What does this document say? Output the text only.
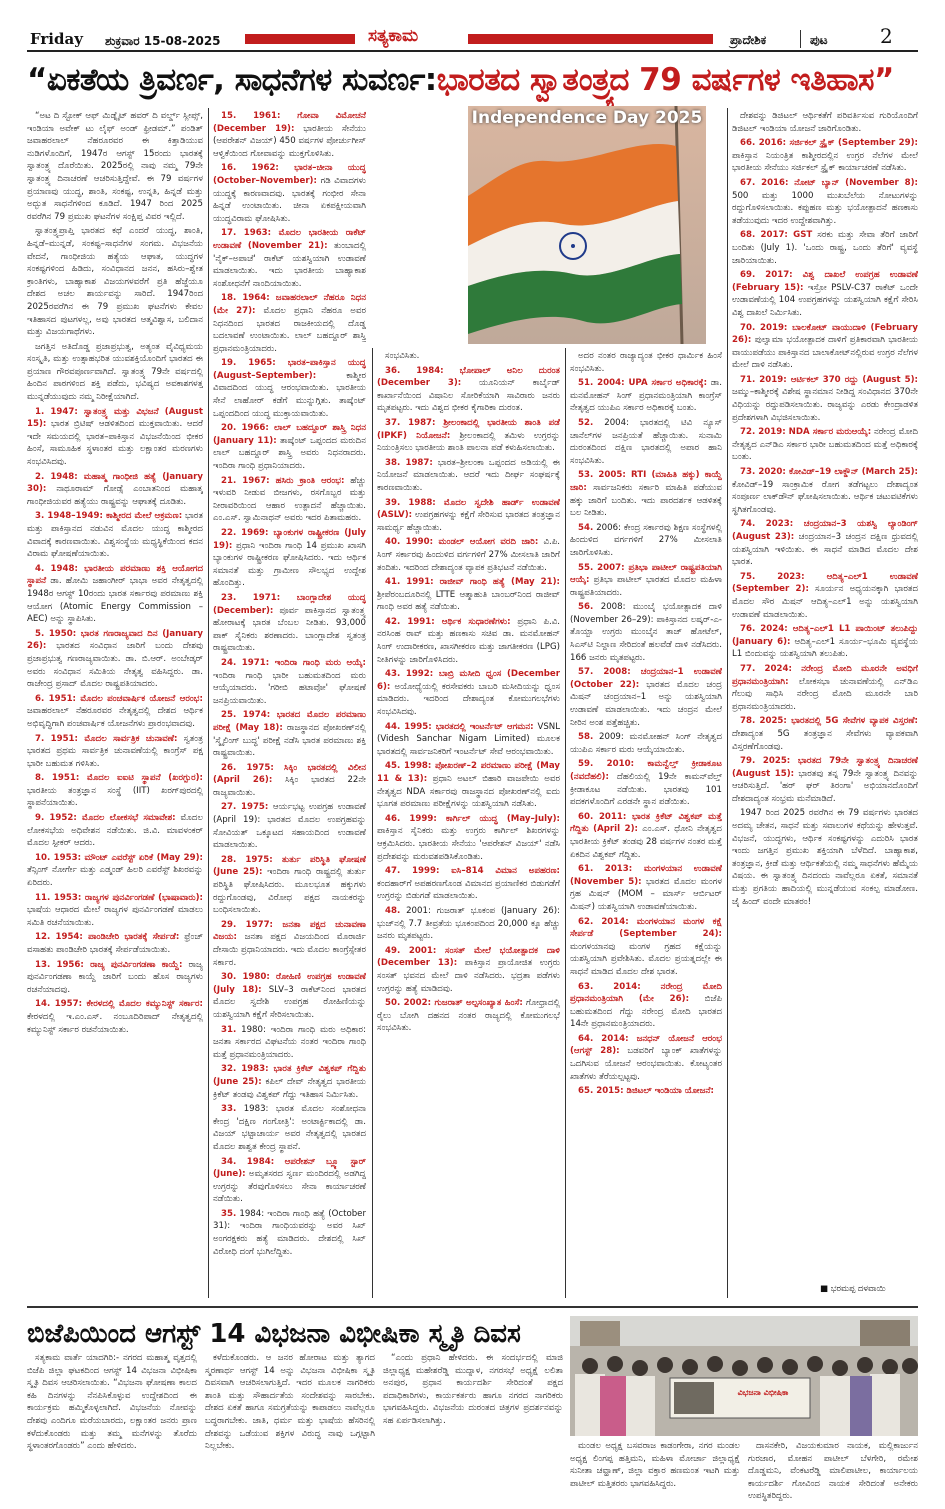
Friday ಶುಕ್ರವಾರ 15-08-2025	ಸತ್ಯಕಾಮ	ಪ್ರಾದೇಶಿಕ	ಪುಟ	2
“ಏಕತೆಯ ತ್ರಿವರ್ಣ, ಸಾಧನೆಗಳ ಸುವರ್ಣ:ಭಾರತದ ಸ್ವಾತಂತ್ರ್ಯದ 79 ವರ್ಷಗಳ ಇತಿಹಾಸ”
Independence Day 2025

“ಅಟ ದಿ ಸ್ಟೋಕ್ ಆಫ್ ಮಿಡ್ನೈಟ್ ಹವರ್ ದಿ ವರ್ಲ್ಡ್ ಸ್ಲೀಪ್ಸ್, ಇಂಡಿಯಾ ಅವೇಕ್ ಟು ಲೈಫ್ ಅಂಡ್ ಫ್ರೀಡಮ್.” ಪಂಡಿತ್ ಜವಾಹರಲಾಲ್ ನೆಹರೂರವರ ಈ ಕಿತ್ತಾಡಿಯುವ ನುಡಿಗಳೊಂದಿಗೆ, 1947ರ ಆಗಸ್ಟ್ 15ರಂದು ಭಾರತಕ್ಕೆ ಸ್ವಾತಂತ್ರ್ಯ ದೊರೆಯಿತು. 2025ರಲ್ಲಿ ನಾವು ನಮ್ಮ 79ನೇ ಸ್ವಾತಂತ್ರ್ಯ ದಿನಾಚರಣೆ ಆಚರಿಸುತ್ತಿದ್ದೇವೆ. ಈ 79 ವರ್ಷಗಳ ಪ್ರಯಾಣವು ಯುದ್ಧ, ಶಾಂತಿ, ಸಂಕಷ್ಟ, ಉನ್ನತಿ, ಹಿನ್ನಡೆ ಮತ್ತು ಅದ್ಭುತ ಸಾಧನೆಗಳಿಂದ ಕೂಡಿದೆ. 1947 ರಿಂದ 2025 ರವರೆಗಿನ 79 ಪ್ರಮುಖ ಘಟನೆಗಳ ಸಂಕ್ಷಿಪ್ತ ವಿವರ ಇಲ್ಲಿದೆ.

ಸ್ವಾತಂತ್ರ್ಯಪ್ರಾಪ್ತಿ ಭಾರತದ ಕಥೆ ಎಂದರೆ ಯುದ್ಧ, ಶಾಂತಿ, ಹಿನ್ನಡೆ–ಮುನ್ನಡೆ, ಸಂಕಷ್ಟ–ಸಾಧನೆಗಳ ಸಂಗಮ. ವಿಭಜನೆಯ ವೇದನೆ, ಗಾಂಧೀಜಿಯ ಹತ್ಯೆಯ ಆಘಾತ, ಯುದ್ಧಗಳ ಸಂಕಷ್ಟಗಳಿಂದ ಹಿಡಿದು, ಸಂವಿಧಾನದ ಜನನ, ಹಸಿರು–ಶ್ವೇತ ಕ್ರಾಂತಿಗಳು, ಬಾಹ್ಯಾಕಾಶ ವಿಜಯಗಳವರೆಗೆ ಪ್ರತಿ ಹೆಜ್ಜೆಯೂ ದೇಶದ ಅಚಲ ಶಾರ್ಯವನ್ನು ಸಾರಿದೆ. 1947ರಿಂದ 2025ರವರೆಗಿನ ಈ 79 ಪ್ರಮುಖ ಘಟನೆಗಳು ಕೇವಲ ಇತಿಹಾಸದ ಪುಟಗಳಲ್ಲ, ಅವು ಭಾರತದ ಆತ್ಮವಿಶ್ವಾಸ, ಬಲಿದಾನ ಮತ್ತು ವಿಜಯಗಾಥೆಗಳು.

ಜಗತ್ತಿನ ಅತಿದೊಡ್ಡ ಪ್ರಜಾಪ್ರಭುತ್ವ, ಅತ್ಯಂತ ವೈವಿಧ್ಯಮಯ ಸಂಸ್ಕೃತಿ, ಮತ್ತು ಉತ್ಸಾಹಭರಿತ ಯುವಶಕ್ತಿಯೊಂದಿಗೆ ಭಾರತದ ಈ ಪ್ರಯಾಣ ಗೌರವಪೂರ್ಣವಾಗಿದೆ. ಸ್ವಾತಂತ್ರ್ಯ 79ನೇ ವರ್ಷದಲ್ಲಿ ಹಿಂದಿನ ಪಾಠಗಳಿಂದ ಶಕ್ತಿ ಪಡೆದು, ಭವಿಷ್ಯದ ಅವಕಾಶಗಳತ್ತ ಮುನ್ನಡೆಯುವುದು ನಮ್ಮ ನಿರೀಕ್ಷೆಯಾಗಿದೆ.

1. 1947: ಸ್ವಾತಂತ್ರ್ಯ ಮತ್ತು ವಿಭಜನೆ (August 15): ಭಾರತ ಬ್ರಿಟಿಷ್ ಆಡಳಿತದಿಂದ ಮುಕ್ತವಾಯಿತು. ಆದರೆ ಇದೇ ಸಮಯದಲ್ಲಿ ಭಾರತ–ಪಾಕಿಸ್ತಾನ ವಿಭಜನೆಯಿಂದ ಭೀಕರ ಹಿಂಸೆ, ಸಾಮೂಹಿಕ ಸ್ಥಳಾಂತರ ಮತ್ತು ಲಕ್ಷಾಂತರ ಮರಣಗಳು ಸಂಭವಿಸಿದವು.

2. 1948: ಮಹಾತ್ಮ ಗಾಂಧೀಜಿ ಹತ್ಯೆ (January 30): ನಾಥೂರಾಮ್ ಗೋಡ್ಸೆ ಎಂಬಾತನಿಂದ ಮಹಾತ್ಮ ಗಾಂಧೀಜಿಯವರ ಹತ್ಯೆಯು ರಾಷ್ಟ್ರವನ್ನು ಆಘಾತಕ್ಕೆ ದೂಡಿತು.

3. 1948–1949: ಕಾಶ್ಮೀರದ ಮೇಲೆ ಆಕ್ರಮಣ: ಭಾರತ ಮತ್ತು ಪಾಕಿಸ್ತಾನದ ನಡುವಿನ ಮೊದಲ ಯುದ್ಧ ಕಾಶ್ಮೀರದ ವಿವಾದಕ್ಕೆ ಕಾರಣವಾಯಿತು. ವಿಶ್ವಸಂಸ್ಥೆಯ ಮಧ್ಯಸ್ಥಿಕೆಯಿಂದ ಕದನ ವಿರಾಮ ಘೋಷಣೆಯಾಯಿತು.

4. 1948: ಭಾರತೀಯ ಪರಮಾಣು ಶಕ್ತಿ ಆಯೋಗದ ಸ್ಥಾಪನೆ ಡಾ. ಹೋಮಿ ಜಹಾಂಗೀರ್ ಭಾಭಾ ಅವರ ನೇತೃತ್ವದಲ್ಲಿ 1948ರ ಆಗಸ್ಟ್ 10ರಂದು ಭಾರತ ಸರ್ಕಾರವು ಪರಮಾಣು ಶಕ್ತಿ ಆಯೋಗ (Atomic Energy Commission – AEC) ಅನ್ನು ಸ್ಥಾಪಿಸಿತು.

5. 1950: ಭಾರತ ಗಣರಾಜ್ಯವಾದ ದಿನ (January 26): ಭಾರತದ ಸಂವಿಧಾನ ಜಾರಿಗೆ ಬಂದು ದೇಶವು ಪ್ರಜಾಪ್ರಭುತ್ವ ಗಣರಾಜ್ಯವಾಯಿತು. ಡಾ. ಬಿ.ಆರ್. ಅಂಬೇಡ್ಕರ್ ಅವರು ಸಂವಿಧಾನ ಸಮಿತಿಯ ನೇತೃತ್ವ ವಹಿಸಿದ್ದರು. ಡಾ. ರಾಜೇಂದ್ರ ಪ್ರಸಾದ್ ಮೊದಲ ರಾಷ್ಟ್ರಪತಿಯಾದರು.

6. 1951: ಮೊದಲ ಪಂಚವಾರ್ಷಿಕ ಯೋಜನೆ ಆರಂಭ: ಜವಾಹರಲಾಲ್ ನೆಹರೂರವರ ನೇತೃತ್ವದಲ್ಲಿ ದೇಶದ ಆರ್ಥಿಕ ಅಭಿವೃದ್ಧಿಗಾಗಿ ಪಂಚವಾರ್ಷಿಕ ಯೋಜನೆಗಳು ಪ್ರಾರಂಭವಾದವು.

7. 1951: ಮೊದಲ ಸಾರ್ವತ್ರಿಕ ಚುನಾವಣೆ: ಸ್ವತಂತ್ರ ಭಾರತದ ಪ್ರಥಮ ಸಾರ್ವತ್ರಿಕ ಚುನಾವಣೆಯಲ್ಲಿ ಕಾಂಗ್ರೆಸ್ ಪಕ್ಷ ಭಾರೀ ಬಹುಮತ ಗಳಿಸಿತು.

8. 1951: ಮೊದಲ ಐಐಟಿ ಸ್ಥಾಪನೆ (ಖರಗ್ಪುರ): ಭಾರತೀಯ ತಂತ್ರಜ್ಞಾನ ಸಂಸ್ಥೆ (IIT) ಖರಗ್‌ಪುರದಲ್ಲಿ ಸ್ಥಾಪನೆಯಾಯಿತು.

9. 1952: ಮೊದಲ ಲೋಕಸಭೆ ಸಮಾವೇಶ: ಮೊದಲ ಲೋಕಸಭೆಯ ಅಧಿವೇಶನ ನಡೆಯಿತು. ಜಿ.ವಿ. ಮಾವಳಂಕರ್ ಮೊದಲ ಸ್ಪೀಕರ್ ಆದರು.

10. 1953: ಮೌಂಟ್ ಎವರೆಸ್ಟ್ ಏರಿಕೆ (May 29): ತೆನ್ಸಿಂಗ್ ನೋರ್ಗೇ ಮತ್ತು ಎಡ್ಮಂಡ್ ಹಿಲರಿ ಎವರೆಸ್ಟ್ ಶಿಖರವನ್ನು ಏರಿದರು.

11. 1953: ರಾಜ್ಯಗಳ ಪುನರ್ವಿಂಗಡಣೆ (ಭಾಷಾವಾರು): ಭಾಷೆಯ ಆಧಾರದ ಮೇಲೆ ರಾಜ್ಯಗಳ ಪುನರ್ವಿಂಗಡಣೆ ಮಾಡಲು ಸಮಿತಿ ರಚನೆಯಾಯಿತು.

12. 1954: ಪಾಂಡಿಚೇರಿ ಭಾರತಕ್ಕೆ ಸೇರ್ಪಡೆ: ಫ್ರೆಂಚ್ ವಸಾಹತು ಪಾಂಡಿಚೇರಿ ಭಾರತಕ್ಕೆ ಸೇರ್ಪಡೆಯಾಯಿತು.

13. 1956: ರಾಜ್ಯ ಪುನರ್ವಿಂಗಡಣಾ ಕಾಯ್ದೆ: ರಾಜ್ಯ ಪುನರ್ವಿಂಗಡಣಾ ಕಾಯ್ದೆ ಜಾರಿಗೆ ಬಂದು ಹೊಸ ರಾಜ್ಯಗಳು ರಚನೆಯಾದವು.

14. 1957: ಕೇರಳದಲ್ಲಿ ಮೊದಲ ಕಮ್ಯುನಿಸ್ಟ್ ಸರ್ಕಾರ: ಕೇರಳದಲ್ಲಿ ಇ.ಎಂ.ಎಸ್. ನಂಬೂದಿರಿಪಾದ್ ನೇತೃತ್ವದಲ್ಲಿ ಕಮ್ಯುನಿಸ್ಟ್ ಸರ್ಕಾರ ರಚನೆಯಾಯಿತು.

15. 1961: ಗೋವಾ ವಿಮೋಚನೆ (December 19): ಭಾರತೀಯ ಸೇನೆಯು (ಆಪರೇಶನ್ ವಿಜಯ್) 450 ವರ್ಷಗಳ ಪೋರ್ಚುಗೀಸ್ ಆಳ್ವಿಕೆಯಿಂದ ಗೋವಾವನ್ನು ಮುಕ್ತಗೊಳಿಸಿತು.

16. 1962: ಭಾರತ–ಚೀನಾ ಯುದ್ಧ (October–November): ಗಡಿ ವಿವಾದಗಳು ಯುದ್ಧಕ್ಕೆ ಕಾರಣವಾದವು. ಭಾರತಕ್ಕೆ ಗಂಭೀರ ಸೇನಾ ಹಿನ್ನಡೆ ಉಂಟಾಯಿತು. ಚೀನಾ ಏಕಪಕ್ಷೀಯವಾಗಿ ಯುದ್ಧವಿರಾಮ ಘೋಷಿಸಿತು.

17. 1963: ಮೊದಲ ಭಾರತೀಯ ರಾಕೆಟ್ ಉಡಾವಣೆ (November 21): ತುಂಬಾದಲ್ಲಿ 'ನೈಕ್–ಅಪಾಚೆ' ರಾಕೆಟ್ ಯಶಸ್ವಿಯಾಗಿ ಉಡಾವಣೆ ಮಾಡಲಾಯಿತು. ಇದು ಭಾರತೀಯ ಬಾಹ್ಯಾಕಾಶ ಸಂಶೋಧನೆಗೆ ನಾಂದಿಯಾಯಿತು.

18. 1964: ಜವಾಹರಲಾಲ್ ನೆಹರೂ ನಿಧನ (ಮೇ 27): ಮೊದಲ ಪ್ರಧಾನಿ ನೆಹರೂ ಅವರ ನಿಧನದಿಂದ ಭಾರತದ ರಾಜಕೀಯದಲ್ಲಿ ದೊಡ್ಡ ಬದಲಾವಣೆ ಉಂಟಾಯಿತು. ಲಾಲ್ ಬಹದ್ದೂರ್ ಶಾಸ್ತ್ರಿ ಪ್ರಧಾನಮಂತ್ರಿಯಾದರು.

19. 1965: ಭಾರತ–ಪಾಕಿಸ್ತಾನ ಯುದ್ಧ (August–September):	ಕಾಶ್ಮೀರ ವಿವಾದದಿಂದ ಯುದ್ಧ ಆರಂಭವಾಯಿತು. ಭಾರತೀಯ ಸೇನೆ ಲಾಹೋರ್ ಕಡೆಗೆ ಮುನ್ನುಗ್ಗಿತು. ತಾಷ್ಕೆಂಟ್ ಒಪ್ಪಂದದಿಂದ ಯುದ್ಧ ಮುಕ್ತಾಯವಾಯಿತು.

20. 1966: ಲಾಲ್ ಬಹದ್ದೂರ್ ಶಾಸ್ತ್ರಿ ನಿಧನ (January 11): ತಾಷ್ಕೆಂಟ್ ಒಪ್ಪಂದದ ಮರುದಿನ ಲಾಲ್ ಬಹದ್ದೂರ್ ಶಾಸ್ತ್ರಿ ಅವರು ನಿಧನರಾದರು. ಇಂದಿರಾ ಗಾಂಧಿ ಪ್ರಧಾನಿಯಾದರು.

21. 1967: ಹಸಿರು ಕ್ರಾಂತಿ ಆರಂಭ: ಹೆಚ್ಚು ಇಳುವರಿ ನೀಡುವ ಬೀಜಗಳು, ರಸಗೊಬ್ಬರ ಮತ್ತು ನೀರಾವರಿಯಿಂದ ಆಹಾರ ಉತ್ಪಾದನೆ ಹೆಚ್ಚಾಯಿತು. ಎಂ.ಎಸ್. ಸ್ವಾಮಿನಾಥನ್ ಅವರು ಇದರ ಪಿತಾಮಹರು.

22. 1969: ಬ್ಯಾಂಕುಗಳ ರಾಷ್ಟ್ರೀಕರಣ (July 19): ಪ್ರಧಾನಿ ಇಂದಿರಾ ಗಾಂಧಿ 14 ಪ್ರಮುಖ ಖಾಸಗಿ ಬ್ಯಾಂಕುಗಳ ರಾಷ್ಟ್ರೀಕರಣ ಘೋಷಿಸಿದರು. ಇದು ಆರ್ಥಿಕ ಸಮಾನತೆ ಮತ್ತು ಗ್ರಾಮೀಣ ಸೌಲಭ್ಯದ ಉದ್ದೇಶ ಹೊಂದಿತ್ತು.

23. 1971: ಬಾಂಗ್ಲಾದೇಶ ಯುದ್ಧ (December): ಪೂರ್ವ ಪಾಕಿಸ್ತಾನದ ಸ್ವಾತಂತ್ರ್ಯ ಹೋರಾಟಕ್ಕೆ ಭಾರತ ಬೆಂಬಲ ನೀಡಿತು. 93,000 ಪಾಕ್ ಸೈನಿಕರು ಶರಣಾದರು. ಬಾಂಗ್ಲಾದೇಶ ಸ್ವತಂತ್ರ ರಾಷ್ಟ್ರವಾಯಿತು.

24. 1971: ಇಂದಿರಾ ಗಾಂಧಿ ಮರು ಆಯ್ಕೆ: ಇಂದಿರಾ ಗಾಂಧಿ ಭಾರೀ ಬಹುಮತದಿಂದ ಮರು ಆಯ್ಕೆಯಾದರು. 'ಗರೀಬಿ ಹಟಾವೋ' ಘೋಷಣೆ ಜನಪ್ರಿಯವಾಯಿತು.

25. 1974: ಭಾರತದ ಮೊದಲ ಪರಮಾಣು ಪರೀಕ್ಷೆ (May 18): ರಾಜಸ್ಥಾನದ ಪೋಖರಣ್‌ನಲ್ಲಿ 'ಸ್ಮೈಲಿಂಗ್ ಬುದ್ಧ' ಪರೀಕ್ಷೆ ನಡೆಸಿ ಭಾರತ ಪರಮಾಣು ಶಕ್ತಿ ರಾಷ್ಟ್ರವಾಯಿತು.

26. 1975: ಸಿಕ್ಕಿಂ ಭಾರತದಲ್ಲಿ ವಿಲೀನ (April 26): ಸಿಕ್ಕಿಂ ಭಾರತದ 22ನೇ ರಾಜ್ಯವಾಯಿತು.

27. 1975: ಆರ್ಯಭಟ್ಟ ಉಪಗ್ರಹ ಉಡಾವಣೆ (April 19): ಭಾರತದ ಮೊದಲ ಉಪಗ್ರಹವನ್ನು ಸೋವಿಯತ್ ಒಕ್ಕೂಟದ ಸಹಾಯದಿಂದ ಉಡಾವಣೆ ಮಾಡಲಾಯಿತು.

28. 1975: ತುರ್ತು ಪರಿಸ್ಥಿತಿ ಘೋಷಣೆ (June 25): ಇಂದಿರಾ ಗಾಂಧಿ ರಾಷ್ಟ್ರದಲ್ಲಿ ತುರ್ತು ಪರಿಸ್ಥಿತಿ ಘೋಷಿಸಿದರು. ಮೂಲಭೂತ ಹಕ್ಕುಗಳು ರದ್ದುಗೊಂಡವು, ವಿರೋಧ ಪಕ್ಷದ ನಾಯಕರನ್ನು ಬಂಧಿಸಲಾಯಿತು.

29. 1977: ಜನತಾ ಪಕ್ಷದ ಚುನಾವಣಾ ವಿಜಯ: ಜನತಾ ಪಕ್ಷದ ವಿಜಯದಿಂದ ಮೊರಾರ್ಜಿ ದೇಸಾಯಿ ಪ್ರಧಾನಿಯಾದರು. ಇದು ಮೊದಲ ಕಾಂಗ್ರೆಸ್ಸೇತರ ಸರ್ಕಾರ.

30. 1980: ರೋಹಿಣಿ ಉಪಗ್ರಹ ಉಡಾವಣೆ (July 18): SLV–3 ರಾಕೆಟ್‌ನಿಂದ ಭಾರತದ ಮೊದಲ ಸ್ವದೇಶಿ ಉಪಗ್ರಹ ರೋಹಿಣಿಯನ್ನು ಯಶಸ್ವಿಯಾಗಿ ಕಕ್ಷೆಗೆ ಸೇರಿಸಲಾಯಿತು.

31. 1980: ಇಂದಿರಾ ಗಾಂಧಿ ಮರು ಅಧಿಕಾರ: ಜನತಾ ಸರ್ಕಾರದ ವಿಘಟನೆಯ ನಂತರ ಇಂದಿರಾ ಗಾಂಧಿ ಮತ್ತೆ ಪ್ರಧಾನಮಂತ್ರಿಯಾದರು.

32. 1983: ಭಾರತ ಕ್ರಿಕೆಟ್ ವಿಶ್ವಕಪ್ ಗೆದ್ದಿತು (June 25): ಕಪಿಲ್ ದೇವ್ ನೇತೃತ್ವದ ಭಾರತೀಯ ಕ್ರಿಕೆಟ್ ತಂಡವು ವಿಶ್ವಕಪ್ ಗೆದ್ದು ಇತಿಹಾಸ ನಿರ್ಮಿಸಿತು.

33. 1983: ಭಾರತ ಮೊದಲ ಸಂಶೋಧನಾ ಕೇಂದ್ರ 'ದಕ್ಷಿಣ ಗಂಗೋತ್ರಿ': ಅಂಟಾರ್ಕ್ಟಿಕಾದಲ್ಲಿ ಡಾ. ವಿಜಯ್ ಭಟ್ಟಾಚಾರ್ಯ ಅವರ ನೇತೃತ್ವದಲ್ಲಿ ಭಾರತದ ಮೊದಲ ಶಾಶ್ವತ ಕೇಂದ್ರ ಸ್ಥಾಪನೆ.

34. 1984: ಆಪರೇಶನ್ ಬ್ಲ್ಯೂ ಸ್ಟಾರ್ (June): ಅಮೃತಸರದ ಸ್ವರ್ಣ ಮಂದಿರದಲ್ಲಿ ಅಡಗಿದ್ದ ಉಗ್ರರನ್ನು ತೆರವುಗೊಳಿಸಲು ಸೇನಾ ಕಾರ್ಯಾಚರಣೆ ನಡೆಯಿತು.

35. 1984: ಇಂದಿರಾ ಗಾಂಧಿ ಹತ್ಯೆ (October 31): ಇಂದಿರಾ ಗಾಂಧಿಯವರನ್ನು ಅವರ ಸಿಖ್ ಅಂಗರಕ್ಷಕರು ಹತ್ಯೆ ಮಾಡಿದರು. ದೇಶದಲ್ಲಿ ಸಿಖ್ ವಿರೋಧಿ ದಂಗೆ ಭುಗಿಲೆದ್ದಿತು.

ಸಂಭವಿಸಿತು.

36. 1984: ಭೋಪಾಲ್ ಅನಿಲ ದುರಂತ (December 3): ಯೂನಿಯನ್ ಕಾರ್ಬೈಡ್ ಕಾರ್ಖಾನೆಯಿಂದ ವಿಷಾನಿಲ ಸೋರಿಕೆಯಾಗಿ ಸಾವಿರಾರು ಜನರು ಮೃತಪಟ್ಟರು. ಇದು ವಿಶ್ವದ ಭೀಕರ ಕೈಗಾರಿಕಾ ದುರಂತ.

37. 1987: ಶ್ರೀಲಂಕಾದಲ್ಲಿ ಭಾರತೀಯ ಶಾಂತಿ ಪಡೆ (IPKF) ನಿಯೋಜನೆ: ಶ್ರೀಲಂಕಾದಲ್ಲಿ ತಮಿಳು ಉಗ್ರರನ್ನು ನಿಯಂತ್ರಿಸಲು ಭಾರತೀಯ ಶಾಂತಿ ಪಾಲನಾ ಪಡೆ ಕಳುಹಿಸಲಾಯಿತು.

38. 1987: ಭಾರತ–ಶ್ರೀಲಂಕಾ ಒಪ್ಪಂದದ ಅಡಿಯಲ್ಲಿ ಈ ನಿಯೋಜನೆ ಮಾಡಲಾಯಿತು. ಆದರೆ ಇದು ದೀರ್ಘ ಸಂಘರ್ಷಕ್ಕೆ ಕಾರಣವಾಯಿತು.

39. 1988: ಮೊದಲ ಸ್ವದೇಶಿ ಹಾರ್ಡ್ ಉಡಾವಣೆ (ASLV): ಉಪಗ್ರಹಗಳನ್ನು ಕಕ್ಷೆಗೆ ಸೇರಿಸುವ ಭಾರತದ ತಂತ್ರಜ್ಞಾನ ಸಾಮರ್ಥ್ಯ ಹೆಚ್ಚಾಯಿತು.

40. 1990: ಮಂಡಲ್ ಆಯೋಗ ವರದಿ ಜಾರಿ: ವಿ.ಪಿ. ಸಿಂಗ್ ಸರ್ಕಾರವು ಹಿಂದುಳಿದ ವರ್ಗಗಳಿಗೆ 27% ಮೀಸಲಾತಿ ಜಾರಿಗೆ ತಂದಿತು. ಇದರಿಂದ ದೇಶಾದ್ಯಂತ ವ್ಯಾಪಕ ಪ್ರತಿಭಟನೆ ನಡೆಯಿತು.

41. 1991: ರಾಜೀವ್ ಗಾಂಧಿ ಹತ್ಯೆ (May 21): ಶ್ರೀಪೆರಂಬದೂರಿನಲ್ಲಿ LTTE ಆತ್ಮಾಹುತಿ ಬಾಂಬರ್‌ನಿಂದ ರಾಜೀವ್ ಗಾಂಧಿ ಅವರ ಹತ್ಯೆ ನಡೆಯಿತು.

42. 1991: ಆರ್ಥಿಕ ಸುಧಾರಣೆಗಳು: ಪ್ರಧಾನಿ ಪಿ.ವಿ. ನರಸಿಂಹ ರಾವ್ ಮತ್ತು ಹಣಕಾಸು ಸಚಿವ ಡಾ. ಮನಮೋಹನ್ ಸಿಂಗ್ ಉದಾರೀಕರಣ, ಖಾಸಗೀಕರಣ ಮತ್ತು ಜಾಗತೀಕರಣ (LPG) ನೀತಿಗಳನ್ನು ಜಾರಿಗೊಳಿಸಿದರು.

43. 1992: ಬಾಬ್ರಿ ಮಸೀದಿ ಧ್ವಂಸ (December 6): ಅಯೋಧ್ಯೆಯಲ್ಲಿ ಕರಸೇವಕರು ಬಾಬರಿ ಮಸೀದಿಯನ್ನು ಧ್ವಂಸ ಮಾಡಿದರು. ಇದರಿಂದ ದೇಶಾದ್ಯಂತ ಕೋಮುಗಲಭೆಗಳು ಸಂಭವಿಸಿದವು.

44. 1995: ಭಾರತದಲ್ಲಿ ಇಂಟರ್ನೆಟ್ ಆಗಮನ: VSNL (Videsh Sanchar Nigam Limited) ಮೂಲಕ ಭಾರತದಲ್ಲಿ ಸಾರ್ವಜನಿಕರಿಗೆ ಇಂಟರ್ನೆಟ್ ಸೇವೆ ಆರಂಭವಾಯಿತು.

45. 1998: ಪೋಖರಣ್–2 ಪರಮಾಣು ಪರೀಕ್ಷೆ (May 11 & 13): ಪ್ರಧಾನಿ ಅಟಲ್ ಬಿಹಾರಿ ವಾಜಪೇಯಿ ಅವರ ನೇತೃತ್ವದ NDA ಸರ್ಕಾರವು ರಾಜಸ್ಥಾನದ ಪೋಖರಣ್‌ನಲ್ಲಿ ಐದು ಭೂಗತ ಪರಮಾಣು ಪರೀಕ್ಷೆಗಳನ್ನು ಯಶಸ್ವಿಯಾಗಿ ನಡೆಸಿತು.

46. 1999: ಕಾರ್ಗಿಲ್ ಯುದ್ಧ (May–July): ಪಾಕಿಸ್ತಾನ ಸೈನಿಕರು ಮತ್ತು ಉಗ್ರರು ಕಾರ್ಗಿಲ್ ಶಿಖರಗಳನ್ನು ಆಕ್ರಮಿಸಿದರು. ಭಾರತೀಯ ಸೇನೆಯು 'ಆಪರೇಶನ್ ವಿಜಯ್' ನಡೆಸಿ ಪ್ರದೇಶವನ್ನು ಮರುವಶಪಡಿಸಿಕೊಂಡಿತು.

47. 1999: ಐಸಿ–814 ವಿಮಾನ ಅಪಹರಣ: ಕಂದಹಾರ್‌ಗೆ ಅಪಹರಣಗೊಂಡ ವಿಮಾನದ ಪ್ರಯಾಣಿಕರ ಬಿಡುಗಡೆಗೆ ಉಗ್ರರನ್ನು ಬಿಡುಗಡೆ ಮಾಡಲಾಯಿತು.

48. 2001: ಗುಜರಾತ್ ಭೂಕಂಪ (January 26): ಭುಜ್‌ನಲ್ಲಿ 7.7 ತೀವ್ರತೆಯ ಭೂಕಂಪದಿಂದ 20,000 ಕ್ಕೂ ಹೆಚ್ಚು ಜನರು ಮೃತಪಟ್ಟರು.

49. 2001: ಸಂಸತ್ ಮೇಲೆ ಭಯೋತ್ಪಾದಕ ದಾಳಿ (December 13): ಪಾಕಿಸ್ತಾನ ಪ್ರಾಯೋಜಿತ ಉಗ್ರರು ಸಂಸತ್ ಭವನದ ಮೇಲೆ ದಾಳಿ ನಡೆಸಿದರು. ಭದ್ರತಾ ಪಡೆಗಳು ಉಗ್ರರನ್ನು ಹತ್ಯೆ ಮಾಡಿದವು.

50. 2002: ಗುಜರಾತ್ ಅಲ್ಪಸಂಖ್ಯಾತ ಹಿಂಸೆ: ಗೋಧ್ರಾದಲ್ಲಿ ರೈಲು ಬೋಗಿ ದಹನದ ನಂತರ ರಾಜ್ಯದಲ್ಲಿ ಕೋಮುಗಲಭೆ ಸಂಭವಿಸಿತು.

ಅದರ ನಂತರ ರಾಜ್ಯಾದ್ಯಂತ ಭೀಕರ ಧಾರ್ಮಿಕ ಹಿಂಸೆ ಸಂಭವಿಸಿತು.

51. 2004: UPA ಸರ್ಕಾರ ಅಧಿಕಾರಕ್ಕೆ: ಡಾ. ಮನಮೋಹನ್ ಸಿಂಗ್ ಪ್ರಧಾನಮಂತ್ರಿಯಾಗಿ ಕಾಂಗ್ರೆಸ್ ನೇತೃತ್ವದ ಯುಪಿಎ ಸರ್ಕಾರ ಅಧಿಕಾರಕ್ಕೆ ಬಂತು.

52. 2004: ಭಾರತದಲ್ಲಿ ಟಿವಿ ನ್ಯೂಸ್ ಚಾನೆಲ್‌ಗಳ ಜನಪ್ರಿಯತೆ ಹೆಚ್ಚಾಯಿತು. ಸುನಾಮಿ ದುರಂತದಿಂದ ದಕ್ಷಿಣ ಭಾರತದಲ್ಲಿ ಅಪಾರ ಹಾನಿ ಸಂಭವಿಸಿತು.

53. 2005: RTI (ಮಾಹಿತಿ ಹಕ್ಕು) ಕಾಯ್ದೆ ಜಾರಿ: ಸಾರ್ವಜನಿಕರು ಸರ್ಕಾರಿ ಮಾಹಿತಿ ಪಡೆಯುವ ಹಕ್ಕು ಜಾರಿಗೆ ಬಂದಿತು. ಇದು ಪಾರದರ್ಶಕ ಆಡಳಿತಕ್ಕೆ ಬಲ ನೀಡಿತು.

54. 2006: ಕೇಂದ್ರ ಸರ್ಕಾರವು ಶಿಕ್ಷಣ ಸಂಸ್ಥೆಗಳಲ್ಲಿ ಹಿಂದುಳಿದ ವರ್ಗಗಳಿಗೆ 27% ಮೀಸಲಾತಿ ಜಾರಿಗೊಳಿಸಿತು.

55. 2007: ಪ್ರತಿಭಾ ಪಾಟೀಲ್ ರಾಷ್ಟ್ರಪತಿಯಾಗಿ ಆಯ್ಕೆ: ಪ್ರತಿಭಾ ಪಾಟೀಲ್ ಭಾರತದ ಮೊದಲ ಮಹಿಳಾ ರಾಷ್ಟ್ರಪತಿಯಾದರು.

56. 2008: ಮುಂಬೈ ಭಯೋತ್ಪಾದಕ ದಾಳಿ (November 26–29): ಪಾಕಿಸ್ತಾನದ ಲಷ್ಕರ್-ಎ-ತೊಯ್ಬಾ ಉಗ್ರರು ಮುಂಬೈನ ತಾಜ್ ಹೋಟೆಲ್, ಸಿಎಸ್‌ಟಿ ನಿಲ್ದಾಣ ಸೇರಿದಂತೆ ಹಲವೆಡೆ ದಾಳಿ ನಡೆಸಿದರು. 166 ಜನರು ಮೃತಪಟ್ಟರು.

57. 2008: ಚಂದ್ರಯಾನ–1 ಉಡಾವಣೆ (October 22): ಭಾರತದ ಮೊದಲ ಚಂದ್ರ ಮಿಷನ್ ಚಂದ್ರಯಾನ–1 ಅನ್ನು ಯಶಸ್ವಿಯಾಗಿ ಉಡಾವಣೆ ಮಾಡಲಾಯಿತು. ಇದು ಚಂದ್ರನ ಮೇಲೆ ನೀರಿನ ಅಂಶ ಪತ್ತೆಹಚ್ಚಿತು.

58. 2009: ಮನಮೋಹನ್ ಸಿಂಗ್ ನೇತೃತ್ವದ ಯುಪಿಎ ಸರ್ಕಾರ ಮರು ಆಯ್ಕೆಯಾಯಿತು.

59. 2010: ಕಾಮನ್ವೆಲ್ತ್ ಕ್ರೀಡಾಕೂಟ (ನವದೆಹಲಿ): ದೆಹಲಿಯಲ್ಲಿ 19ನೇ ಕಾಮನ್‌ವೆಲ್ತ್ ಕ್ರೀಡಾಕೂಟ ನಡೆಯಿತು. ಭಾರತವು 101 ಪದಕಗಳೊಂದಿಗೆ ಎರಡನೇ ಸ್ಥಾನ ಪಡೆಯಿತು.

60. 2011: ಭಾರತ ಕ್ರಿಕೆಟ್ ವಿಶ್ವಕಪ್ ಮತ್ತೆ ಗೆದ್ದಿತು (April 2): ಎಂ.ಎಸ್. ಧೋನಿ ನೇತೃತ್ವದ ಭಾರತೀಯ ಕ್ರಿಕೆಟ್ ತಂಡವು 28 ವರ್ಷಗಳ ನಂತರ ಮತ್ತೆ ಏಕದಿನ ವಿಶ್ವಕಪ್ ಗೆದ್ದಿತು.

61. 2013: ಮಂಗಳಯಾನ ಉಡಾವಣೆ (November 5): ಭಾರತದ ಮೊದಲ ಮಂಗಳ ಗ್ರಹ ಮಿಷನ್ (MOM – ಮಾರ್ಸ್ ಆರ್ಬಿಟರ್ ಮಿಷನ್) ಯಶಸ್ವಿಯಾಗಿ ಉಡಾವಣೆಯಾಯಿತು.

62. 2014: ಮಂಗಳಯಾನ ಮಂಗಳ ಕಕ್ಷೆ ಸೇರ್ಪಡೆ (September 24): ಮಂಗಳಯಾನವು ಮಂಗಳ ಗ್ರಹದ ಕಕ್ಷೆಯನ್ನು ಯಶಸ್ವಿಯಾಗಿ ಪ್ರವೇಶಿಸಿತು. ಮೊದಲ ಪ್ರಯತ್ನದಲ್ಲೇ ಈ ಸಾಧನೆ ಮಾಡಿದ ಮೊದಲ ದೇಶ ಭಾರತ.

63. 2014: ನರೇಂದ್ರ ಮೋದಿ ಪ್ರಧಾನಮಂತ್ರಿಯಾಗಿ (ಮೇ 26): ಬಿಜೆಪಿ ಬಹುಮತದಿಂದ ಗೆದ್ದು ನರೇಂದ್ರ ಮೋದಿ ಭಾರತದ 14ನೇ ಪ್ರಧಾನಮಂತ್ರಿಯಾದರು.

64. 2014: ಜನಧನ್ ಯೋಜನೆ ಆರಂಭ (ಆಗಸ್ಟ್ 28): ಬಡವರಿಗೆ ಬ್ಯಾಂಕ್ ಖಾತೆಗಳನ್ನು ಒದಗಿಸುವ ಯೋಜನೆ ಆರಂಭವಾಯಿತು. ಕೋಟ್ಯಂತರ ಖಾತೆಗಳು ತೆರೆಯಲ್ಪಟ್ಟವು.

65. 2015: ಡಿಜಿಟಲ್ ಇಂಡಿಯಾ ಯೋಜನೆ:

ದೇಶವನ್ನು ಡಿಜಿಟಲ್ ಆರ್ಥಿಕತೆಗೆ ಪರಿವರ್ತಿಸುವ ಗುರಿಯೊಂದಿಗೆ ಡಿಜಿಟಲ್ ಇಂಡಿಯಾ ಯೋಜನೆ ಜಾರಿಗೊಂಡಿತು.

66. 2016: ಸರ್ಜಿಕಲ್ ಸ್ಟ್ರೈಕ್ (September 29): ಪಾಕಿಸ್ತಾನ ನಿಯಂತ್ರಿತ ಕಾಶ್ಮೀರದಲ್ಲಿನ ಉಗ್ರರ ನೆಲೆಗಳ ಮೇಲೆ ಭಾರತೀಯ ಸೇನೆಯು ಸರ್ಜಿಕಲ್ ಸ್ಟ್ರೈಕ್ ಕಾರ್ಯಾಚರಣೆ ನಡೆಸಿತು.

67. 2016: ನೋಟ್ ಬ್ಯಾನ್ (November 8): 500 ಮತ್ತು 1000 ಮುಖಬೆಲೆಯ ನೋಟುಗಳನ್ನು ರದ್ದುಗೊಳಿಸಲಾಯಿತು. ಕಪ್ಪುಹಣ ಮತ್ತು ಭಯೋತ್ಪಾದನೆ ಹಣಕಾಸು ತಡೆಯುವುದು ಇದರ ಉದ್ದೇಶವಾಗಿತ್ತು.

68. 2017: GST ಸರಕು ಮತ್ತು ಸೇವಾ ತೆರಿಗೆ ಜಾರಿಗೆ ಬಂದಿತು (July 1). 'ಒಂದು ರಾಷ್ಟ್ರ, ಒಂದು ತೆರಿಗೆ' ವ್ಯವಸ್ಥೆ ಜಾರಿಯಾಯಿತು.

69. 2017: ವಿಶ್ವ ದಾಖಲೆ ಉಪಗ್ರಹ ಉಡಾವಣೆ (February 15): ಇಸ್ರೋ PSLV-C37 ರಾಕೆಟ್ ಒಂದೇ ಉಡಾವಣೆಯಲ್ಲಿ 104 ಉಪಗ್ರಹಗಳನ್ನು ಯಶಸ್ವಿಯಾಗಿ ಕಕ್ಷೆಗೆ ಸೇರಿಸಿ ವಿಶ್ವ ದಾಖಲೆ ನಿರ್ಮಿಸಿತು.

70. 2019: ಬಾಲಕೋಟ್ ವಾಯುದಾಳಿ (February 26): ಪುಲ್ವಾಮಾ ಭಯೋತ್ಪಾದಕ ದಾಳಿಗೆ ಪ್ರತಿಕಾರವಾಗಿ ಭಾರತೀಯ ವಾಯುಪಡೆಯು ಪಾಕಿಸ್ತಾನದ ಬಾಲಾಕೋಟ್‌ನಲ್ಲಿರುವ ಉಗ್ರರ ನೆಲೆಗಳ ಮೇಲೆ ದಾಳಿ ನಡೆಸಿತು.

71. 2019: ಆರ್ಟಿಕಲ್ 370 ರದ್ದು (August 5): ಜಮ್ಮು–ಕಾಶ್ಮೀರಕ್ಕೆ ವಿಶೇಷ ಸ್ಥಾನಮಾನ ನೀಡಿದ್ದ ಸಂವಿಧಾನದ 370ನೇ ವಿಧಿಯನ್ನು ರದ್ದುಪಡಿಸಲಾಯಿತು. ರಾಜ್ಯವನ್ನು ಎರಡು ಕೇಂದ್ರಾಡಳಿತ ಪ್ರದೇಶಗಳಾಗಿ ವಿಭಜಿಸಲಾಯಿತು.

72. 2019: NDA ಸರ್ಕಾರ ಮರುಆಯ್ಕೆ: ನರೇಂದ್ರ ಮೋದಿ ನೇತೃತ್ವದ ಎನ್‌ಡಿಎ ಸರ್ಕಾರ ಭಾರೀ ಬಹುಮತದಿಂದ ಮತ್ತೆ ಅಧಿಕಾರಕ್ಕೆ ಬಂತು.

73. 2020: ಕೋವಿಡ್–19 ಲಾಕ್ಡೌನ್ (March 25): ಕೋವಿಡ್–19 ಸಾಂಕ್ರಾಮಿಕ ರೋಗ ತಡೆಗಟ್ಟಲು ದೇಶಾದ್ಯಂತ ಸಂಪೂರ್ಣ ಲಾಕ್‌ಡೌನ್ ಘೋಷಿಸಲಾಯಿತು. ಆರ್ಥಿಕ ಚಟುವಟಿಕೆಗಳು ಸ್ಥಗಿತಗೊಂಡವು.

74. 2023: ಚಂದ್ರಯಾನ–3 ಯಶಸ್ವಿ ಲ್ಯಾಂಡಿಂಗ್ (August 23): ಚಂದ್ರಯಾನ–3 ಚಂದ್ರನ ದಕ್ಷಿಣ ಧ್ರುವದಲ್ಲಿ ಯಶಸ್ವಿಯಾಗಿ ಇಳಿಯಿತು. ಈ ಸಾಧನೆ ಮಾಡಿದ ಮೊದಲ ದೇಶ ಭಾರತ.

75. 2023: ಆದಿತ್ಯ–ಎಲ್1 ಉಡಾವಣೆ (September 2): ಸೂರ್ಯನ ಅಧ್ಯಯನಕ್ಕಾಗಿ ಭಾರತದ ಮೊದಲ ಸೌರ ಮಿಷನ್ ಆದಿತ್ಯ–ಎಲ್1 ಅನ್ನು ಯಶಸ್ವಿಯಾಗಿ ಉಡಾವಣೆ ಮಾಡಲಾಯಿತು.

76. 2024: ಆದಿತ್ಯ–ಎಲ್1 L1 ಪಾಯಿಂಟ್ ತಲುಪಿದ್ದು (January 6): ಆದಿತ್ಯ–ಎಲ್1 ಸೂರ್ಯ–ಭೂಮಿ ವ್ಯವಸ್ಥೆಯ L1 ಬಿಂದುವನ್ನು ಯಶಸ್ವಿಯಾಗಿ ತಲುಪಿತು.

77. 2024: ನರೇಂದ್ರ ಮೋದಿ ಮೂರನೇ ಅವಧಿಗೆ ಪ್ರಧಾನಮಂತ್ರಿಯಾಗಿ: ಲೋಕಸಭಾ ಚುನಾವಣೆಯಲ್ಲಿ ಎನ್‌ಡಿಎ ಗೆಲುವು ಸಾಧಿಸಿ ನರೇಂದ್ರ ಮೋದಿ ಮೂರನೇ ಬಾರಿ ಪ್ರಧಾನಮಂತ್ರಿಯಾದರು.

78. 2025: ಭಾರತದಲ್ಲಿ 5G ಸೇವೆಗಳ ವ್ಯಾಪಕ ವಿಸ್ತರಣೆ: ದೇಶಾದ್ಯಂತ 5G ತಂತ್ರಜ್ಞಾನ ಸೇವೆಗಳು ವ್ಯಾಪಕವಾಗಿ ವಿಸ್ತರಣೆಗೊಂಡವು.

79. 2025: ಭಾರತದ 79ನೇ ಸ್ವಾತಂತ್ರ್ಯ ದಿನಾಚರಣೆ (August 15): ಭಾರತವು ತನ್ನ 79ನೇ ಸ್ವಾತಂತ್ರ್ಯ ದಿನವನ್ನು ಆಚರಿಸುತ್ತಿದೆ. 'ಹರ್ ಘರ್ ತಿರಂಗಾ' ಅಭಿಯಾನದೊಂದಿಗೆ ದೇಶದಾದ್ಯಂತ ಸಂಭ್ರಮ ಮನೆಮಾಡಿದೆ.

1947 ರಿಂದ 2025 ರವರೆಗಿನ ಈ 79 ವರ್ಷಗಳು ಭಾರತದ ಅದಮ್ಯ ಚೇತನ, ಸಾಧನೆ ಮತ್ತು ಸವಾಲುಗಳ ಕಥೆಯನ್ನು ಹೇಳುತ್ತವೆ. ವಿಭಜನೆ, ಯುದ್ಧಗಳು, ಆರ್ಥಿಕ ಸಂಕಷ್ಟಗಳನ್ನು ಎದುರಿಸಿ ಭಾರತ ಇಂದು ಜಗತ್ತಿನ ಪ್ರಮುಖ ಶಕ್ತಿಯಾಗಿ ಬೆಳೆದಿದೆ. ಬಾಹ್ಯಾಕಾಶ, ತಂತ್ರಜ್ಞಾನ, ಕ್ರೀಡೆ ಮತ್ತು ಆರ್ಥಿಕತೆಯಲ್ಲಿ ನಮ್ಮ ಸಾಧನೆಗಳು ಹೆಮ್ಮೆಯ ವಿಷಯ. ಈ ಸ್ವಾತಂತ್ರ್ಯ ದಿನದಂದು ನಾವೆಲ್ಲರೂ ಏಕತೆ, ಸಮಾನತೆ ಮತ್ತು ಪ್ರಗತಿಯ ಹಾದಿಯಲ್ಲಿ ಮುನ್ನಡೆಯುವ ಸಂಕಲ್ಪ ಮಾಡೋಣ. ಜೈ ಹಿಂದ್ ವಂದೇ ಮಾತರಂ!

■ ಭರಮಪ್ಪ ದಳವಾಯಿ
ಬಿಜೆಪಿಯಿಂದ ಆಗಸ್ಟ್ 14 ವಿಭಜನಾ ವಿಭೀಷಿಕಾ ಸ್ಮೃತಿ ದಿವಸ

ಸತ್ಯಕಾಮ ವಾರ್ತೆ ಯಾದಗಿರಿ:- ನಗರದ ಮಹಾತ್ಮ ವೃತ್ತದಲ್ಲಿ ಬಿಜೆಪಿ ಜಿಲ್ಲಾ ಘಟಕದಿಂದ ಆಗಸ್ಟ್ 14 ವಿಭಜನಾ ವಿಭೀಷಿಕಾ ಸ್ಮೃತಿ ದಿವಸ ಆಚರಿಸಲಾಯಿತು. “ವಿಭಜನಾ ಘೋಷಣಾ ಕಾಲದ ಕಹಿ ದಿನಗಳನ್ನು ನೆನಪಿಸಿಕೊಳ್ಳುವ ಉದ್ದೇಶದಿಂದ ಈ ಕಾರ್ಯಕ್ರಮ ಹಮ್ಮಿಕೊಳ್ಳಲಾಗಿದೆ. ವಿಭಜನೆಯ ನೋವನ್ನು ದೇಶವು ಎಂದಿಗೂ ಮರೆಯಬಾರದು, ಲಕ್ಷಾಂತರ ಜನರು ಪ್ರಾಣ ಕಳೆದುಕೊಂಡರು ಮತ್ತು ತಮ್ಮ ಮನೆಗಳನ್ನು ತೊರೆದು ಸ್ಥಳಾಂತರಗೊಂಡರು” ಎಂದು ಹೇಳಿದರು.

ಕಳೆದುಕೊಂಡರು. ಆ ಜನರ ಹೋರಾಟ ಮತ್ತು ತ್ಯಾಗದ ಸ್ಮರಣಾರ್ಥ ಆಗಸ್ಟ್ 14 ಅನ್ನು ವಿಭಜನಾ ವಿಭೀಷಿಕಾ ಸ್ಮೃತಿ ದಿವಸವಾಗಿ ಆಚರಿಸಲಾಗುತ್ತಿದೆ. ಇದರ ಮೂಲಕ ನಾಗರಿಕರು ಶಾಂತಿ ಮತ್ತು ಸೌಹಾರ್ದತೆಯ ಸಂದೇಶವನ್ನು ಸಾರಬೇಕು. ದೇಶದ ಏಕತೆ ಹಾಗೂ ಸಮಗ್ರತೆಯನ್ನು ಕಾಪಾಡಲು ನಾವೆಲ್ಲರೂ ಬದ್ಧರಾಗಬೇಕು. ಜಾತಿ, ಧರ್ಮ ಮತ್ತು ಭಾಷೆಯ ಹೆಸರಿನಲ್ಲಿ ದೇಶವನ್ನು ಒಡೆಯುವ ಶಕ್ತಿಗಳ ವಿರುದ್ಧ ನಾವು ಒಗ್ಗಟ್ಟಾಗಿ ನಿಲ್ಲಬೇಕು.

“ಎಂದು ಪ್ರಧಾನಿ ಹೇಳಿದರು. ಈ ಸಂದರ್ಭದಲ್ಲಿ ಮಾಜಿ ಜಿಲ್ಲಾಧ್ಯಕ್ಷ ಮಹೇಶರೆಡ್ಡಿ ಮುದ್ನಾಳ, ನಗರಸಭೆ ಅಧ್ಯಕ್ಷೆ ಲಲಿತಾ ಅನಪುರ, ಪ್ರಧಾನ ಕಾರ್ಯದರ್ಶಿ ಸೇರಿದಂತೆ ಪಕ್ಷದ ಪದಾಧಿಕಾರಿಗಳು, ಕಾರ್ಯಕರ್ತರು ಹಾಗೂ ನಗರದ ನಾಗರಿಕರು ಭಾಗವಹಿಸಿದ್ದರು. ವಿಭಜನೆಯ ದುರಂತದ ಚಿತ್ರಗಳ ಪ್ರದರ್ಶನವನ್ನು ಸಹ ಏರ್ಪಡಿಸಲಾಗಿತ್ತು.

ವಿಭಜನಾ ವಿಭೀಷಿಕಾ

ಮಂಡಲ ಅಧ್ಯಕ್ಷ ಬಸವರಾಜ ಕಾಡಂಗೇರಾ, ನಗರ ಮಂಡಲ ಅಧ್ಯಕ್ಷ ಲಿಂಗಪ್ಪ ಹತ್ತಿಮನಿ, ಮಹಿಳಾ ಮೋರ್ಚಾ ಜಿಲ್ಲಾಧ್ಯಕ್ಷೆ ಸುನೀತಾ ಚವ್ಹಾಣ್, ಜಿಲ್ಲಾ ವಕ್ತಾರ ಹಣಮಂತ ಇಟಗಿ ಮತ್ತು ಪಾಟೀಲ್ ಮತ್ತಿತರರು ಭಾಗವಹಿಸಿದ್ದರು.

ದಾಸನಕೇರಿ, ವಿಜಯಕುಮಾರ ನಾಯಕ, ಮಲ್ಲಿಕಾರ್ಜುನ ಗುರಜಾರ, ಮೋಹನ ಪಾಟೀಲ್ ಬೆಳಗೇರಿ, ರಮೇಶ ದೊಡ್ಡಮನಿ, ವೆಂಕಟರೆಡ್ಡಿ ಮಾಲಿಪಾಟೀಲ, ಕಾರ್ಯಾಲಯ ಕಾರ್ಯದರ್ಶಿ ಗೋವಿಂದ ನಾಯಕ ಸೇರಿದಂತೆ ಅನೇಕರು ಉಪಸ್ಥಿತರಿದ್ದರು.
